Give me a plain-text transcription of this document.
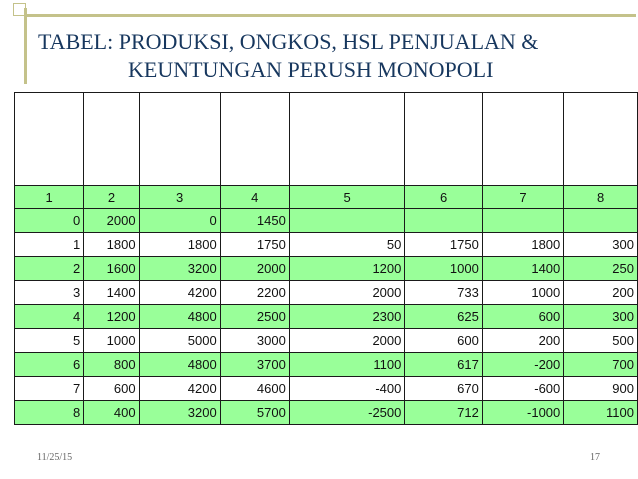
TABEL: PRODUKSI, ONGKOS, HSL PENJUALAN &
KEUNTUNGAN PERUSH MONOPOLI

1	2	3	4	5	6	7	8
0	2000	0	1450				
1	1800	1800	1750	50	1750	1800	300
2	1600	3200	2000	1200	1000	1400	250
3	1400	4200	2200	2000	733	1000	200
4	1200	4800	2500	2300	625	600	300
5	1000	5000	3000	2000	600	200	500
6	800	4800	3700	1100	617	-200	700
7	600	4200	4600	-400	670	-600	900
8	400	3200	5700	-2500	712	-1000	1100
11/25/15	17
